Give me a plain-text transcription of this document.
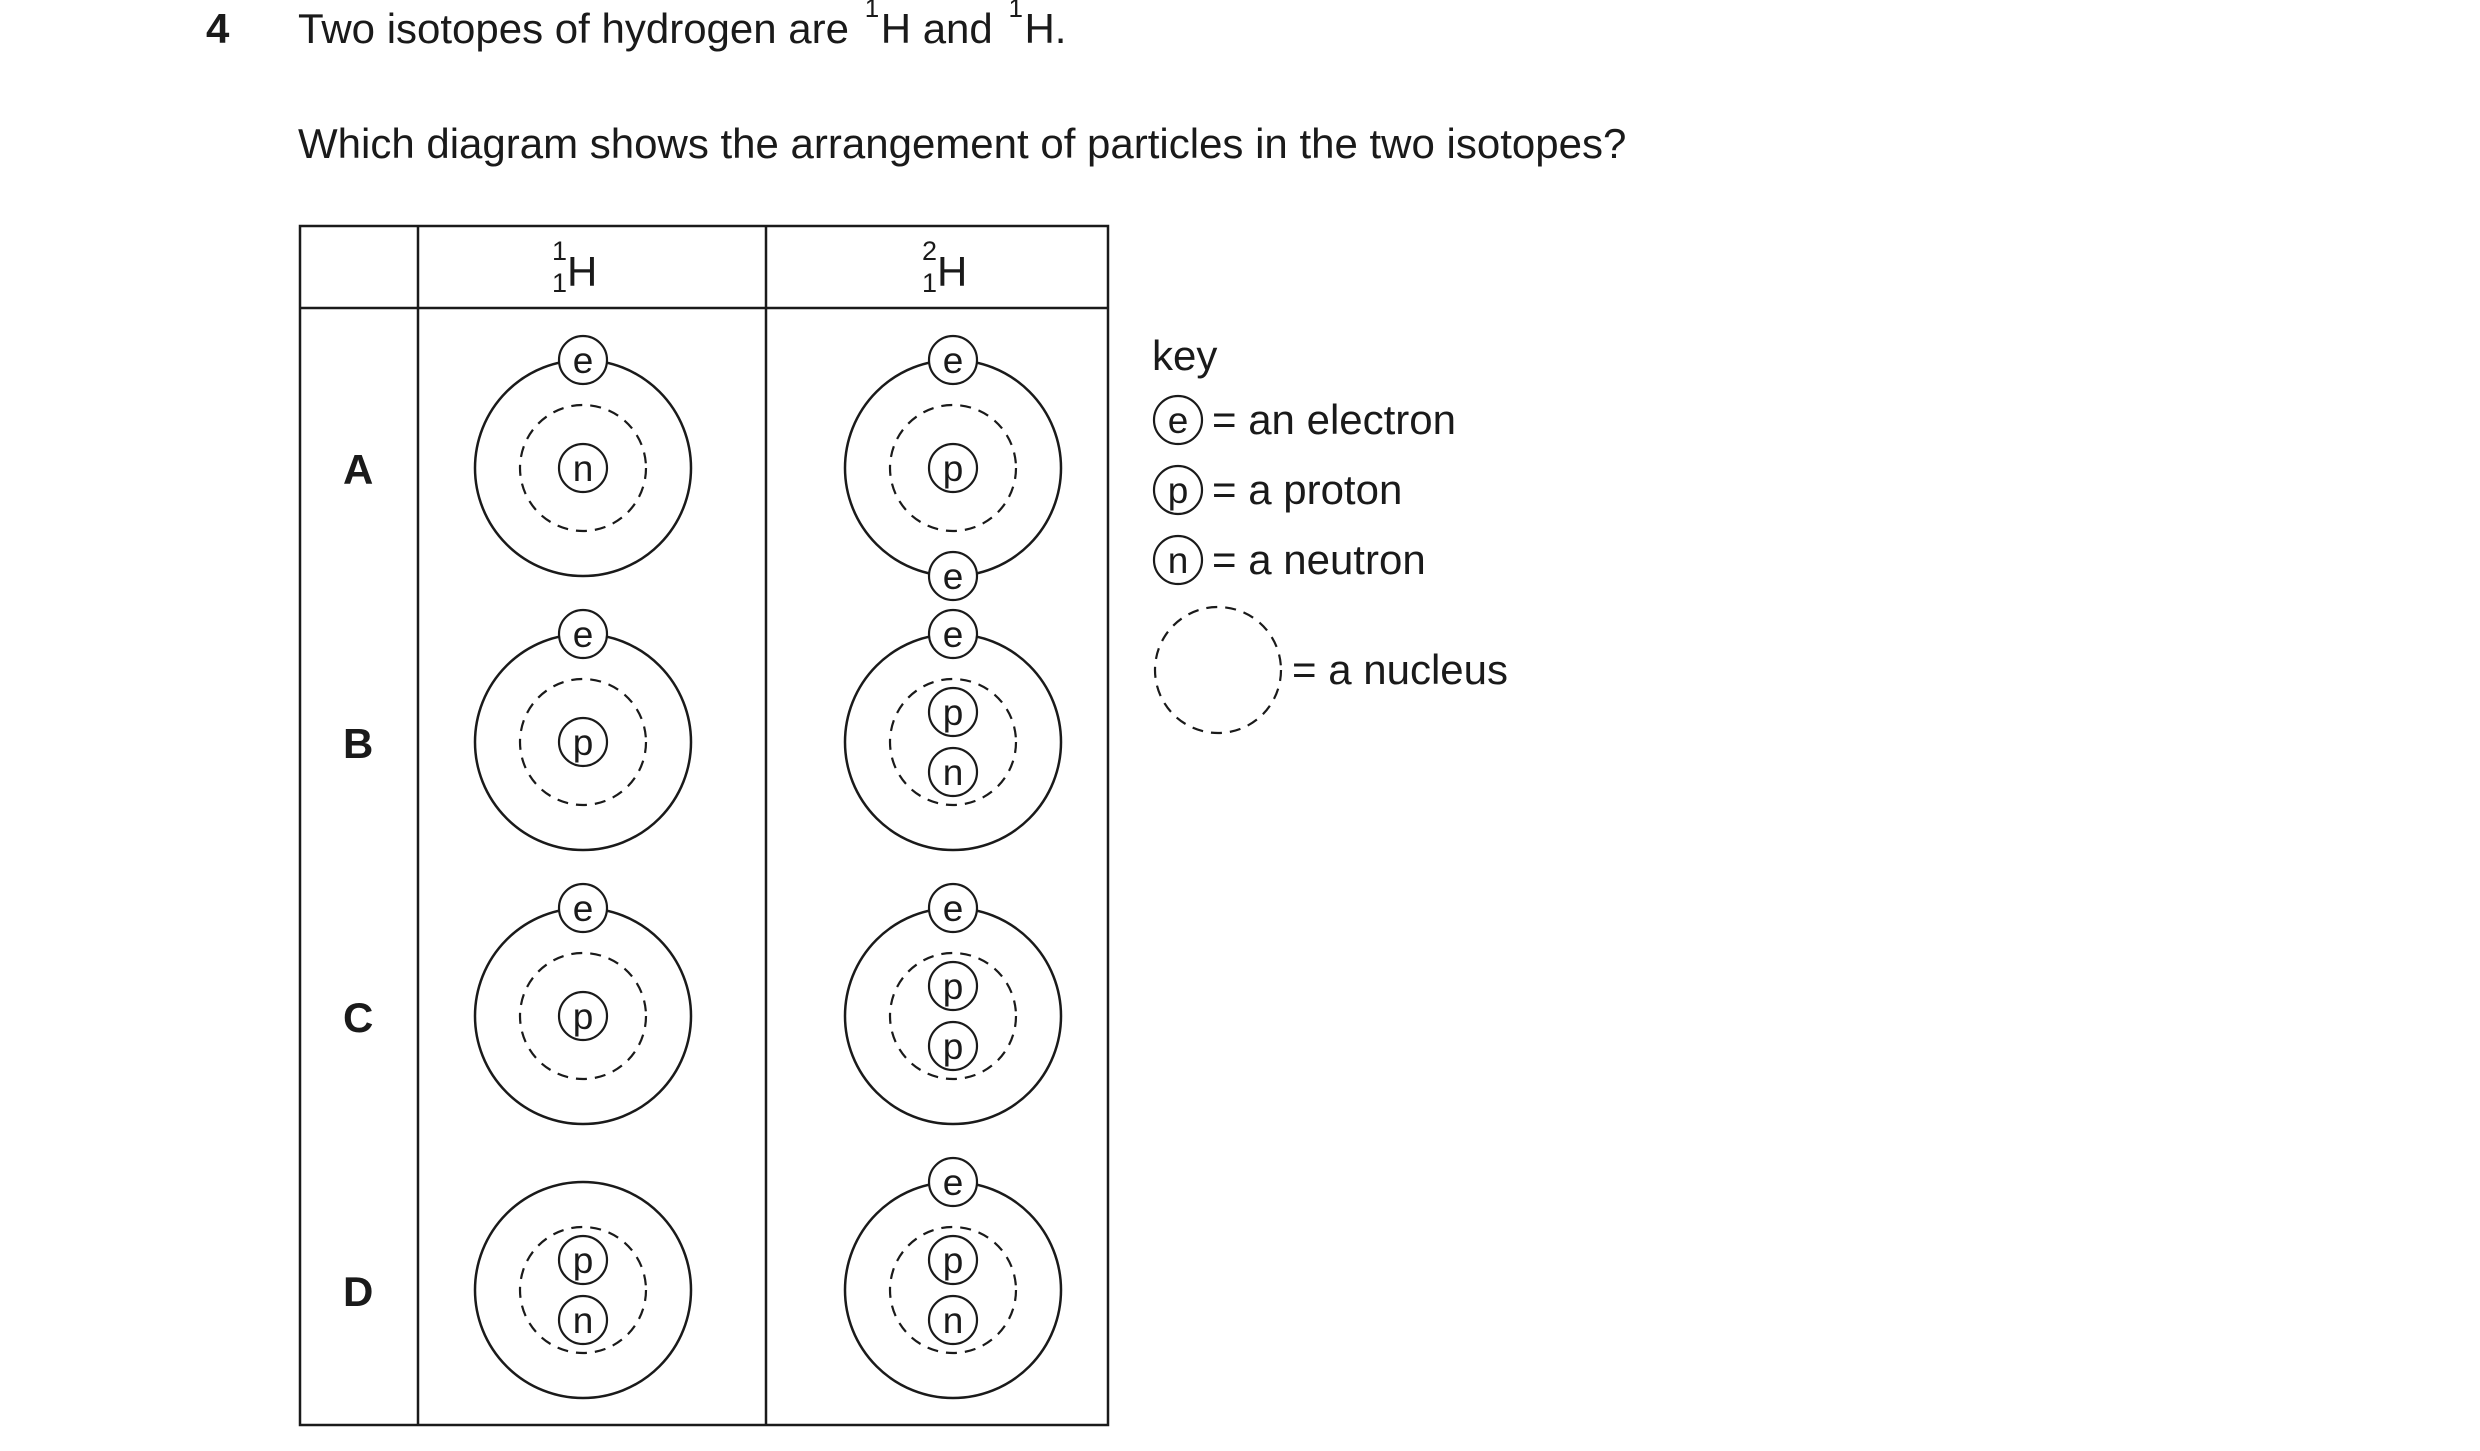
4 Two isotopes of hydrogen are 1 H and 1 H.
Which diagram shows the arrangement of particles in the two isotopes?
1
1 H	2
1 H
A
B
C
D
n
e
p
e
e
p
e
p
n
e
p
e
p
p
e
p
n
p
n
e
key
e = an electron
p = a proton
n = a neutron
= a nucleus
